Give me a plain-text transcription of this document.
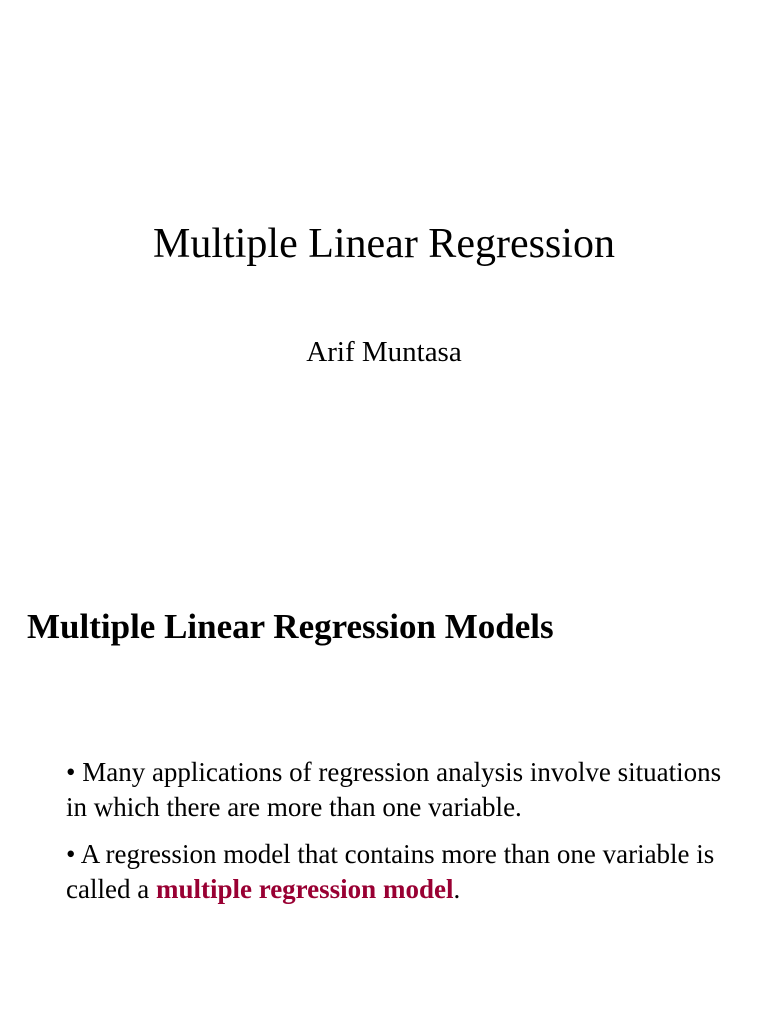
Multiple Linear Regression

Arif Muntasa

Multiple Linear Regression Models
• Many applications of regression analysis involve situations in which there are more than one variable.
• A regression model that contains more than one variable is called a multiple regression model.
